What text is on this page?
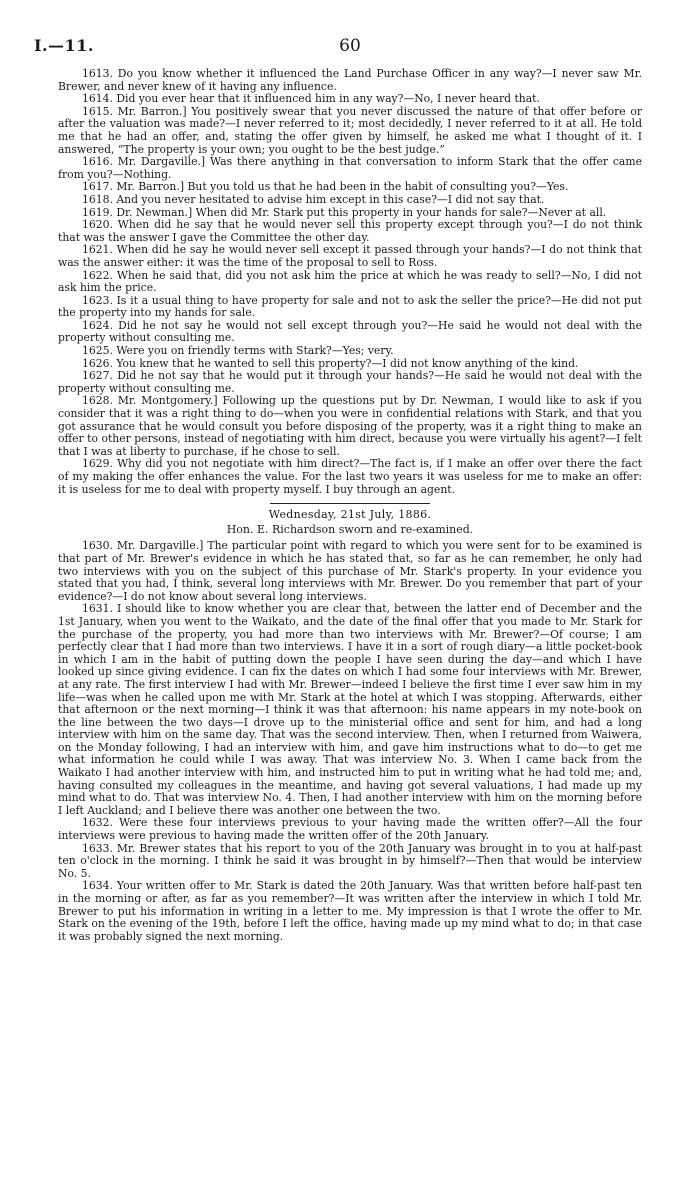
I.—11.	60

1613. Do you know whether it influenced the Land Purchase Officer in any way?—I never saw Mr. Brewer, and never knew of it having any influence.

1614. Did you ever hear that it influenced him in any way?—No, I never heard that.

1615. Mr. Barron.] You positively swear that you never discussed the nature of that offer before or after the valuation was made?—I never referred to it; most decidedly, I never referred to it at all. He told me that he had an offer, and, stating the offer given by himself, he asked me what I thought of it. I answered, “The property is your own; you ought to be the best judge.”

1616. Mr. Dargaville.] Was there anything in that conversation to inform Stark that the offer came from you?—Nothing.

1617. Mr. Barron.] But you told us that he had been in the habit of consulting you?—Yes.

1618. And you never hesitated to advise him except in this case?—I did not say that.

1619. Dr. Newman.] When did Mr. Stark put this property in your hands for sale?—Never at all.

1620. When did he say that he would never sell this property except through you?—I do not think that was the answer I gave the Committee the other day.

1621. When did he say he would never sell except it passed through your hands?—I do not think that was the answer either: it was the time of the proposal to sell to Ross.

1622. When he said that, did you not ask him the price at which he was ready to sell?—No, I did not ask him the price.

1623. Is it a usual thing to have property for sale and not to ask the seller the price?—He did not put the property into my hands for sale.

1624. Did he not say he would not sell except through you?—He said he would not deal with the property without consulting me.

1625. Were you on friendly terms with Stark?—Yes; very.

1626. You knew that he wanted to sell this property?—I did not know anything of the kind.

1627. Did he not say that he would put it through your hands?—He said he would not deal with the property without consulting me.

1628. Mr. Montgomery.] Following up the questions put by Dr. Newman, I would like to ask if you consider that it was a right thing to do—when you were in confidential relations with Stark, and that you got assurance that he would consult you before disposing of the property, was it a right thing to make an offer to other persons, instead of negotiating with him direct, because you were virtually his agent?—I felt that I was at liberty to purchase, if he chose to sell.

1629. Why did you not negotiate with him direct?—The fact is, if I make an offer over there the fact of my making the offer enhances the value. For the last two years it was useless for me to make an offer: it is useless for me to deal with property myself. I buy through an agent.

Wednesday, 21st July, 1886.
Hon. E. Richardson sworn and re-examined.

1630. Mr. Dargaville.] The particular point with regard to which you were sent for to be examined is that part of Mr. Brewer's evidence in which he has stated that, so far as he can remember, he only had two interviews with you on the subject of this purchase of Mr. Stark's property. In your evidence you stated that you had, I think, several long interviews with Mr. Brewer. Do you remember that part of your evidence?—I do not know about several long interviews.

1631. I should like to know whether you are clear that, between the latter end of December and the 1st January, when you went to the Waikato, and the date of the final offer that you made to Mr. Stark for the purchase of the property, you had more than two interviews with Mr. Brewer?—Of course; I am perfectly clear that I had more than two interviews. I have it in a sort of rough diary—a little pocket-book in which I am in the habit of putting down the people I have seen during the day—and which I have looked up since giving evidence. I can fix the dates on which I had some four interviews with Mr. Brewer, at any rate. The first interview I had with Mr. Brewer—indeed I believe the first time I ever saw him in my life—was when he called upon me with Mr. Stark at the hotel at which I was stopping. Afterwards, either that afternoon or the next morning—I think it was that afternoon: his name appears in my note-book on the line between the two days—I drove up to the ministerial office and sent for him, and had a long interview with him on the same day. That was the second interview. Then, when I returned from Waiwera, on the Monday following, I had an interview with him, and gave him instructions what to do—to get me what information he could while I was away. That was interview No. 3. When I came back from the Waikato I had another interview with him, and instructed him to put in writing what he had told me; and, having consulted my colleagues in the meantime, and having got several valuations, I had made up my mind what to do. That was interview No. 4. Then, I had another interview with him on the morning before I left Auckland; and I believe there was another one between the two.

1632. Were these four interviews previous to your having made the written offer?—All the four interviews were previous to having made the written offer of the 20th January.

1633. Mr. Brewer states that his report to you of the 20th January was brought in to you at half-past ten o'clock in the morning. I think he said it was brought in by himself?—Then that would be interview No. 5.

1634. Your written offer to Mr. Stark is dated the 20th January. Was that written before half-past ten in the morning or after, as far as you remember?—It was written after the interview in which I told Mr. Brewer to put his information in writing in a letter to me. My impression is that I wrote the offer to Mr. Stark on the evening of the 19th, before I left the office, having made up my mind what to do; in that case it was probably signed the next morning.
